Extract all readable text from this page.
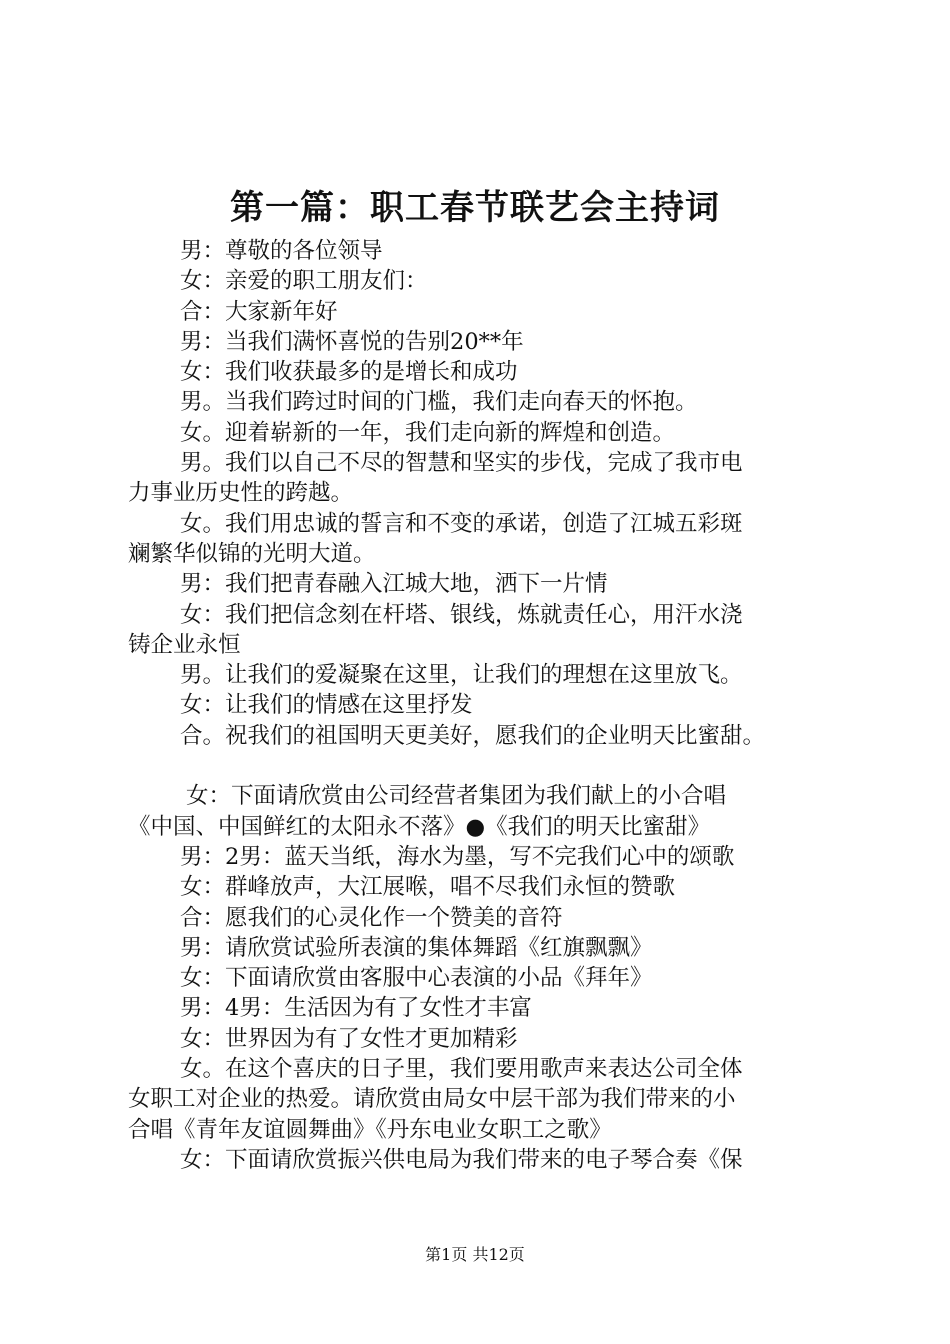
第一篇：职工春节联艺会主持词
男：尊敬的各位领导
女：亲爱的职工朋友们：
合：大家新年好
男：当我们满怀喜悦的告别20**年
女：我们收获最多的是增长和成功
男。当我们跨过时间的门槛，我们走向春天的怀抱。
女。迎着崭新的一年，我们走向新的辉煌和创造。
男。我们以自己不尽的智慧和坚实的步伐，完成了我市电
力事业历史性的跨越。
女。我们用忠诚的誓言和不变的承诺，创造了江城五彩斑
斓繁华似锦的光明大道。
男：我们把青春融入江城大地，洒下一片情
女：我们把信念刻在杆塔、银线，炼就责任心，用汗水浇
铸企业永恒
男。让我们的爱凝聚在这里，让我们的理想在这里放飞。
女：让我们的情感在这里抒发
合。祝我们的祖国明天更美好，愿我们的企业明天比蜜甜。
女：下面请欣赏由公司经营者集团为我们献上的小合唱
《中国、中国鲜红的太阳永不落》●《我们的明天比蜜甜》
男：2男：蓝天当纸，海水为墨，写不完我们心中的颂歌
女：群峰放声，大江展喉，唱不尽我们永恒的赞歌
合：愿我们的心灵化作一个赞美的音符
男：请欣赏试验所表演的集体舞蹈《红旗飘飘》
女：下面请欣赏由客服中心表演的小品《拜年》
男：4男：生活因为有了女性才丰富
女：世界因为有了女性才更加精彩
女。在这个喜庆的日子里，我们要用歌声来表达公司全体
女职工对企业的热爱。请欣赏由局女中层干部为我们带来的小
合唱《青年友谊圆舞曲》《丹东电业女职工之歌》
女：下面请欣赏振兴供电局为我们带来的电子琴合奏《保
第1页 共12页
